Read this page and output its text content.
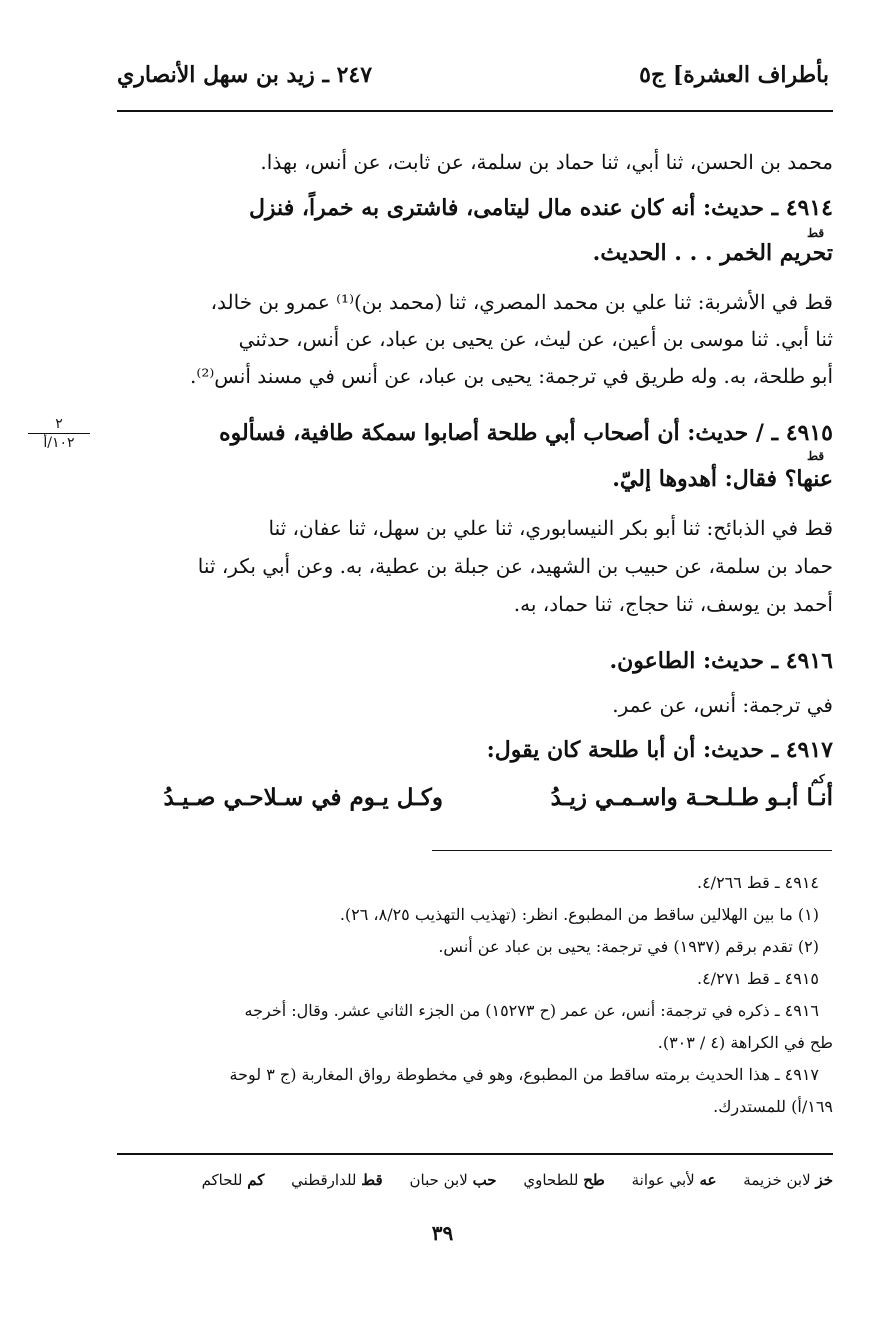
بأطراف العشرة] ج٥
٢٤٧ ـ زيد بن سهل الأنصاري
محمد بن الحسن، ثنا أبي، ثنا حماد بن سلمة، عن ثابت، عن أنس، بهذا.
٤٩١٤ ـ حديث: أنه كان عنده مال ليتامى، فاشترى به خمراً، فنزل
تحريم الخمر . . . الحديث.
قط في الأشربة: ثنا علي بن محمد المصري، ثنا (محمد بن)⁽¹⁾ عمرو بن خالد،
ثنا أبي. ثنا موسى بن أعين، عن ليث، عن يحيى بن عباد، عن أنس، حدثني
أبو طلحة، به. وله طريق في ترجمة: يحيى بن عباد، عن أنس في مسند أنس⁽²⁾.
٤٩١٥ ـ / حديث: أن أصحاب أبي طلحة أصابوا سمكة طافية، فسألوه
عنها؟ فقال: أهدوها إليّ.
قط في الذبائح: ثنا أبو بكر النيسابوري، ثنا علي بن سهل، ثنا عفان، ثنا
حماد بن سلمة، عن حبيب بن الشهيد، عن جبلة بن عطية، به. وعن أبي بكر، ثنا
أحمد بن يوسف، ثنا حجاج، ثنا حماد، به.
٤٩١٦ ـ حديث: الطاعون.
في ترجمة: أنس، عن عمر.
٤٩١٧ ـ حديث: أن أبا طلحة كان يقول:
أنـا أبـو طـلـحـة واسـمـي زيـدُ
وكـل يـوم في سـلاحـي صـيـدُ
قط
قط
كم
٢
١٠٢/أ
٤٩١٤ ـ قط ٤/٢٦٦.
(١) ما بين الهلالين ساقط من المطبوع. انظر: (تهذيب التهذيب ٨/٢٥، ٢٦).
(٢) تقدم برقم (١٩٣٧) في ترجمة: يحيى بن عباد عن أنس.
٤٩١٥ ـ قط ٤/٢٧١.
٤٩١٦ ـ ذكره في ترجمة: أنس، عن عمر (ح ١٥٢٧٣) من الجزء الثاني عشر. وقال: أخرجه
طح في الكراهة (٤ / ٣٠٣).
٤٩١٧ ـ هذا الحديث برمته ساقط من المطبوع، وهو في مخطوطة رواق المغاربة (ج ٣ لوحة
١٦٩/أ) للمستدرك.
خز لابن خزيمة عه لأبي عوانة طح للطحاوي حب لابن حبان قط للدارقطني كم للحاكم
٣٩
